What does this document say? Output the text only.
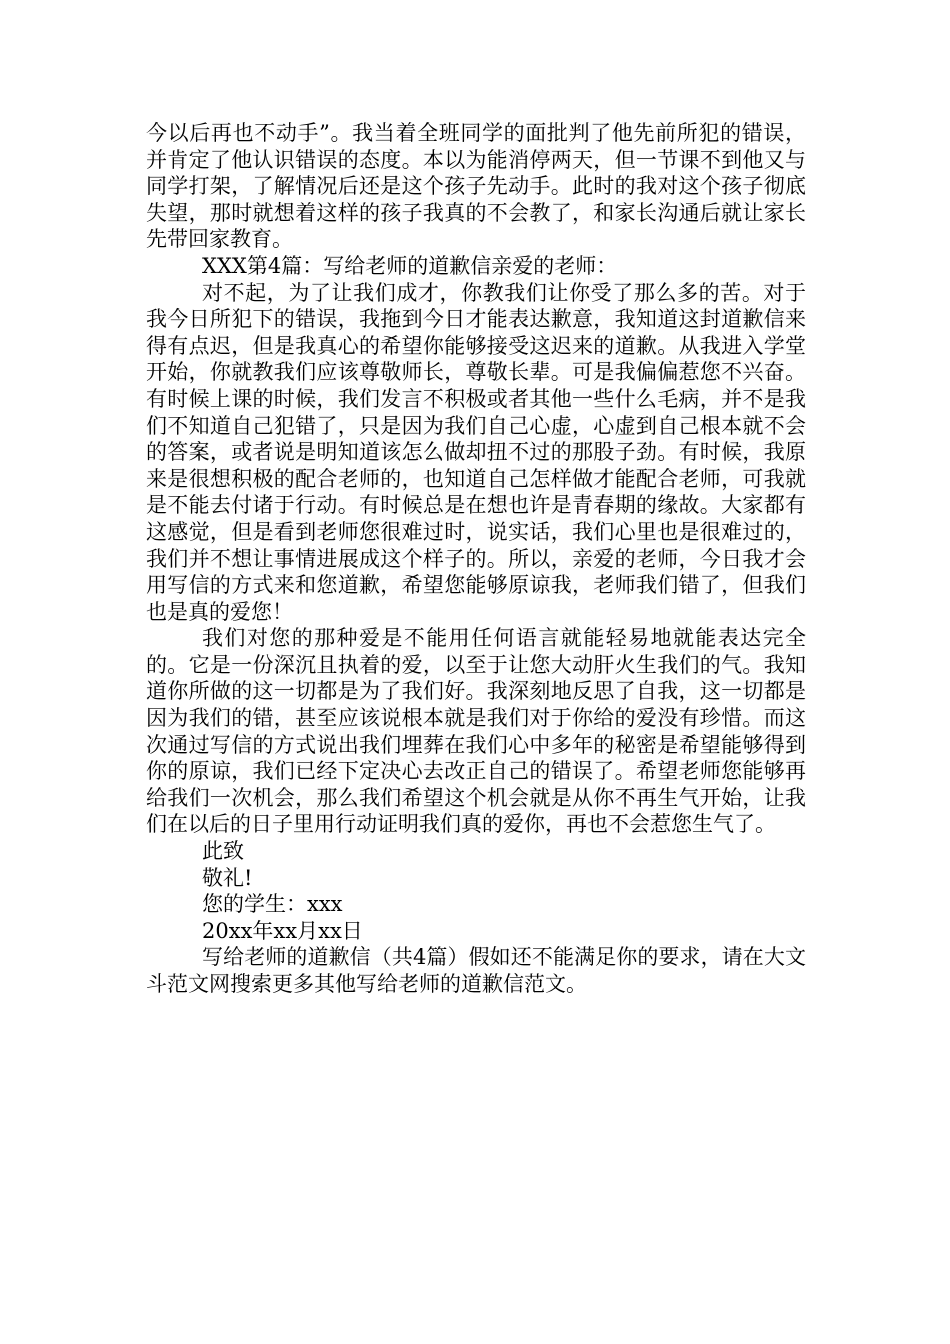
今以后再也不动手”。我当着全班同学的面批判了他先前所犯的错误，并肯定了他认识错误的态度。本以为能消停两天，但一节课不到他又与同学打架，了解情况后还是这个孩子先动手。此时的我对这个孩子彻底失望，那时就想着这样的孩子我真的不会教了，和家长沟通后就让家长先带回家教育。

XXX第4篇：写给老师的道歉信亲爱的老师：

对不起，为了让我们成才，你教我们让你受了那么多的苦。对于我今日所犯下的错误，我拖到今日才能表达歉意，我知道这封道歉信来得有点迟，但是我真心的希望你能够接受这迟来的道歉。从我进入学堂开始，你就教我们应该尊敬师长，尊敬长辈。可是我偏偏惹您不兴奋。有时候上课的时候，我们发言不积极或者其他一些什么毛病，并不是我们不知道自己犯错了，只是因为我们自己心虚，心虚到自己根本就不会的答案，或者说是明知道该怎么做却扭不过的那股子劲。有时候，我原来是很想积极的配合老师的，也知道自己怎样做才能配合老师，可我就是不能去付诸于行动。有时候总是在想也许是青春期的缘故。大家都有这感觉，但是看到老师您很难过时，说实话，我们心里也是很难过的，我们并不想让事情进展成这个样子的。所以，亲爱的老师，今日我才会用写信的方式来和您道歉，希望您能够原谅我，老师我们错了，但我们也是真的爱您！

我们对您的那种爱是不能用任何语言就能轻易地就能表达完全的。它是一份深沉且执着的爱，以至于让您大动肝火生我们的气。我知道你所做的这一切都是为了我们好。我深刻地反思了自我，这一切都是因为我们的错，甚至应该说根本就是我们对于你给的爱没有珍惜。而这次通过写信的方式说出我们埋葬在我们心中多年的秘密是希望能够得到你的原谅，我们已经下定决心去改正自己的错误了。希望老师您能够再给我们一次机会，那么我们希望这个机会就是从你不再生气开始，让我们在以后的日子里用行动证明我们真的爱你，再也不会惹您生气了。

此致
敬礼!
您的学生：xxx
20xx年xx月xx日

写给老师的道歉信（共4篇）假如还不能满足你的要求，请在大文斗范文网搜索更多其他写给老师的道歉信范文。
